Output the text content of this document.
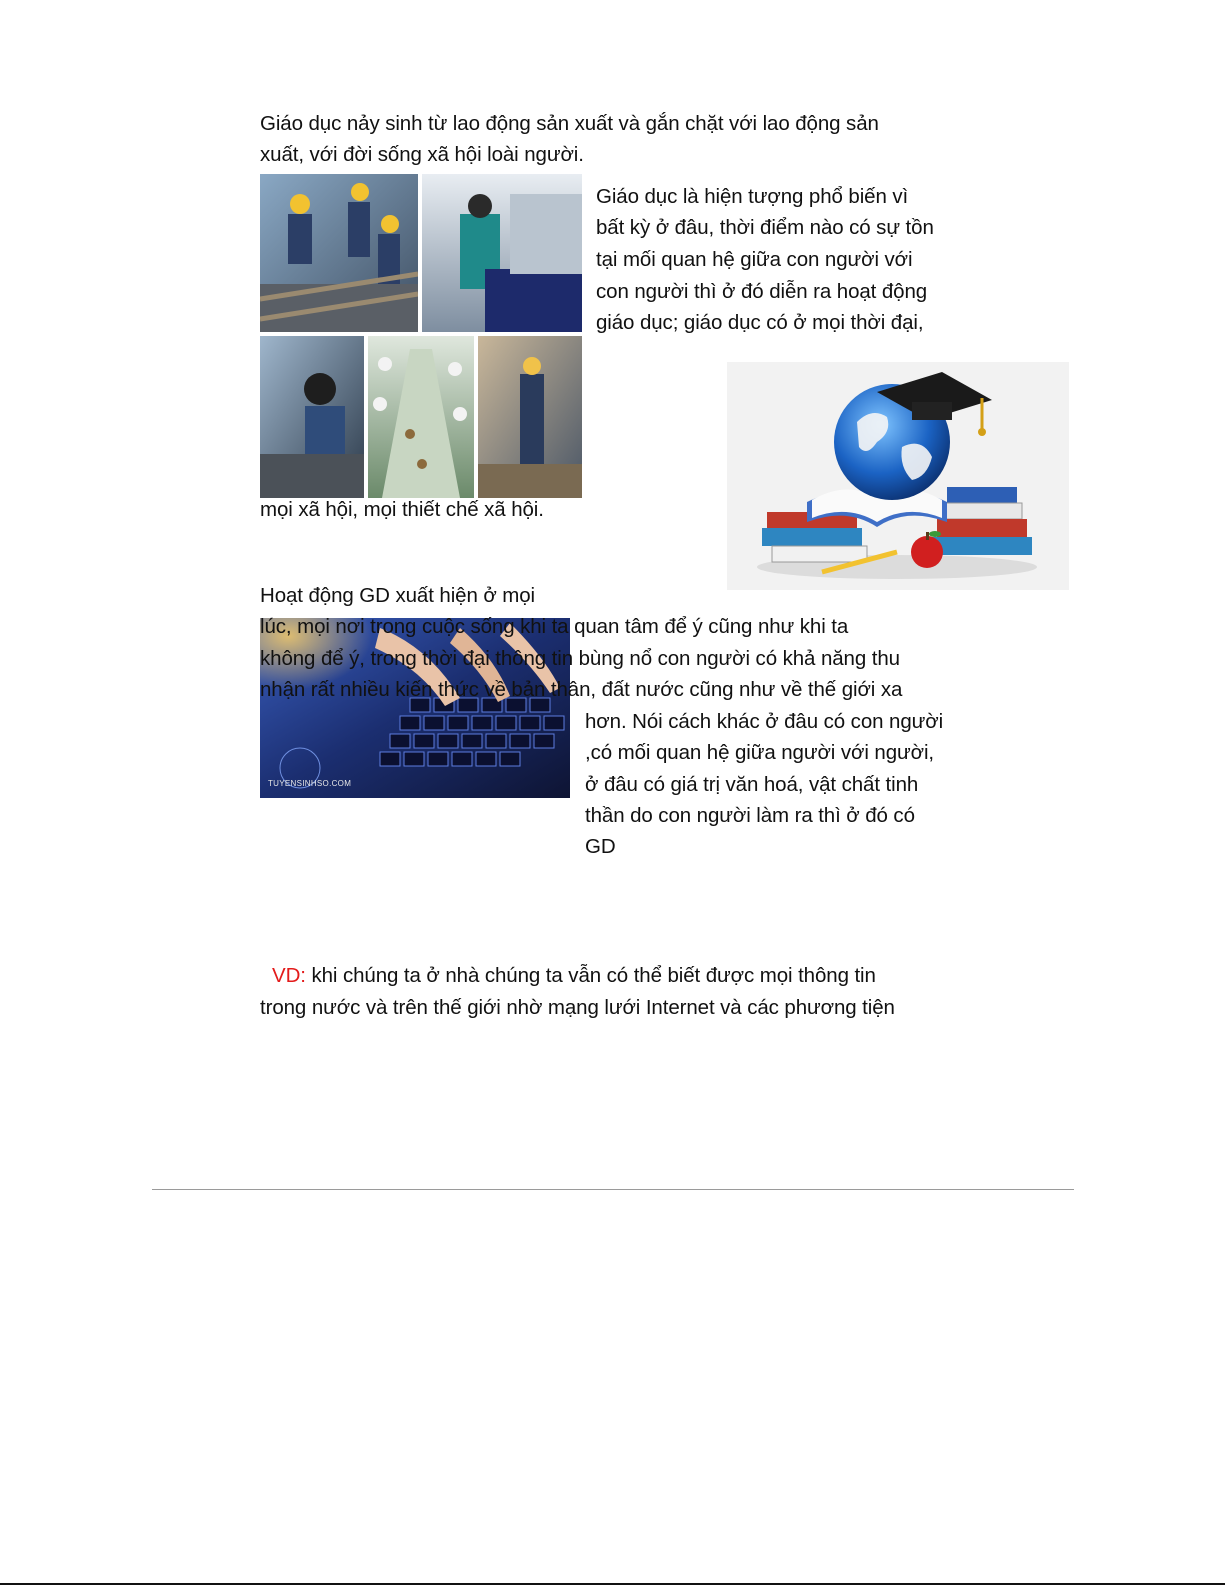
Giáo dục nảy sinh từ lao động sản xuất và gắn chặt với lao động sản
xuất, với đời sống xã hội loài người.
Giáo dục là hiện tượng phổ biến vì
bất kỳ ở đâu, thời điểm nào có sự tồn
tại mối quan hệ giữa con người với
con người thì ở đó diễn ra hoạt động
giáo dục; giáo dục có ở mọi thời đại,
mọi xã hội, mọi thiết chế xã hội.
Hoạt động GD xuất hiện ở mọi
TUYENSINHSO.COM
lúc, mọi nơi trong cuộc sống khi ta quan tâm để ý cũng như khi ta
không để ý, trong thời đại thông tin bùng nổ con người có khả năng thu
nhận rất nhiều kiến thức về bản thân, đất nước cũng như về thế giới xa
hơn. Nói cách khác ở đâu có con người
,có mối quan hệ giữa người với người,
ở đâu có giá trị văn hoá, vật chất tinh
thần do con người làm ra thì ở đó có
GD
VD: khi chúng ta ở nhà chúng ta vẫn có thể biết được mọi thông tin
trong nước và trên thế giới nhờ mạng lưới Internet và các phương tiện
